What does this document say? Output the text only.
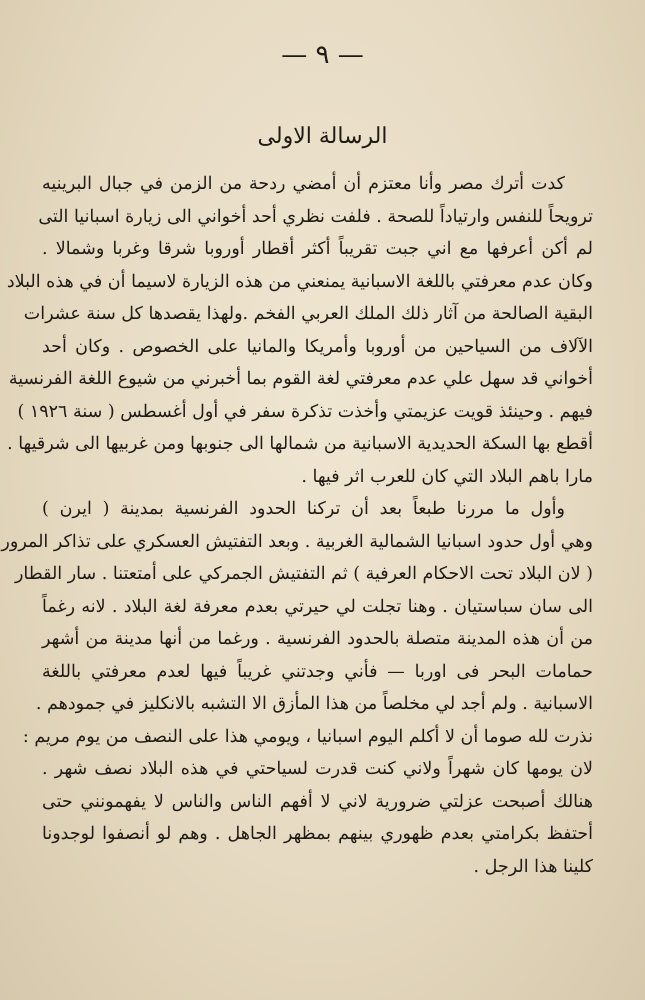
— ٩ —
الرسالة الاولى
كدت أترك مصر وأنا معتزم أن أمضي ردحة من الزمن في جبال البرينيه
ترويحاً للنفس وارتياداً للصحة . فلفت نظري أحد أخواني الى زيارة اسبانيا التى
لم أكن أعرفها مع اني جبت تقريباً أكثر أقطار أوروبا شرقا وغربا وشمالا .
وكان عدم معرفتي باللغة الاسبانية يمنعني من هذه الزيارة لاسيما أن في هذه البلاد
البقية الصالحة من آثار ذلك الملك العربي الفخم .ولهذا يقصدها كل سنة عشرات
الآلاف من السياحين من أوروبا وأمريكا والمانيا على الخصوص . وكان أحد
أخواني قد سهل علي عدم معرفتي لغة القوم بما أخبرني من شيوع اللغة الفرنسية
فيهم . وحينئذ قويت عزيمتي وأخذت تذكرة سفر في أول أغسطس ( سنة ١٩٢٦ )
أقطع بها السكة الحديدية الاسبانية من شمالها الى جنوبها ومن غربيها الى شرقيها .
مارا باهم البلاد التي كان للعرب اثر فيها .
وأول ما مررنا طبعاً بعد أن تركنا الحدود الفرنسية بمدينة ( ايرن )
وهي أول حدود اسبانيا الشمالية الغربية . وبعد التفتيش العسكري على تذاكر المرور
( لان البلاد تحت الاحكام العرفية ) ثم التفتيش الجمركي على أمتعتنا . سار القطار
الى سان سباستيان . وهنا تجلت لي حيرتي بعدم معرفة لغة البلاد . لانه رغماً
من أن هذه المدينة متصلة بالحدود الفرنسية . ورغما من أنها مدينة من أشهر
حمامات البحر فى اوربا — فأني وجدتني غريباً فيها لعدم معرفتي باللغة
الاسبانية . ولم أجد لي مخلصاً من هذا المأزق الا التشبه بالانكليز في جمودهم .
نذرت لله صوما أن لا أكلم اليوم اسبانيا ، ويومي هذا على النصف من يوم مريم :
لان يومها كان شهراً ولاني كنت قدرت لسياحتي في هذه البلاد نصف شهر .
هنالك أصبحت عزلتي ضرورية لاني لا أفهم الناس والناس لا يفهمونني حتى
أحتفظ بكرامتي بعدم ظهوري بينهم بمظهر الجاهل . وهم لو أنصفوا لوجدونا
كلينا هذا الرجل .
